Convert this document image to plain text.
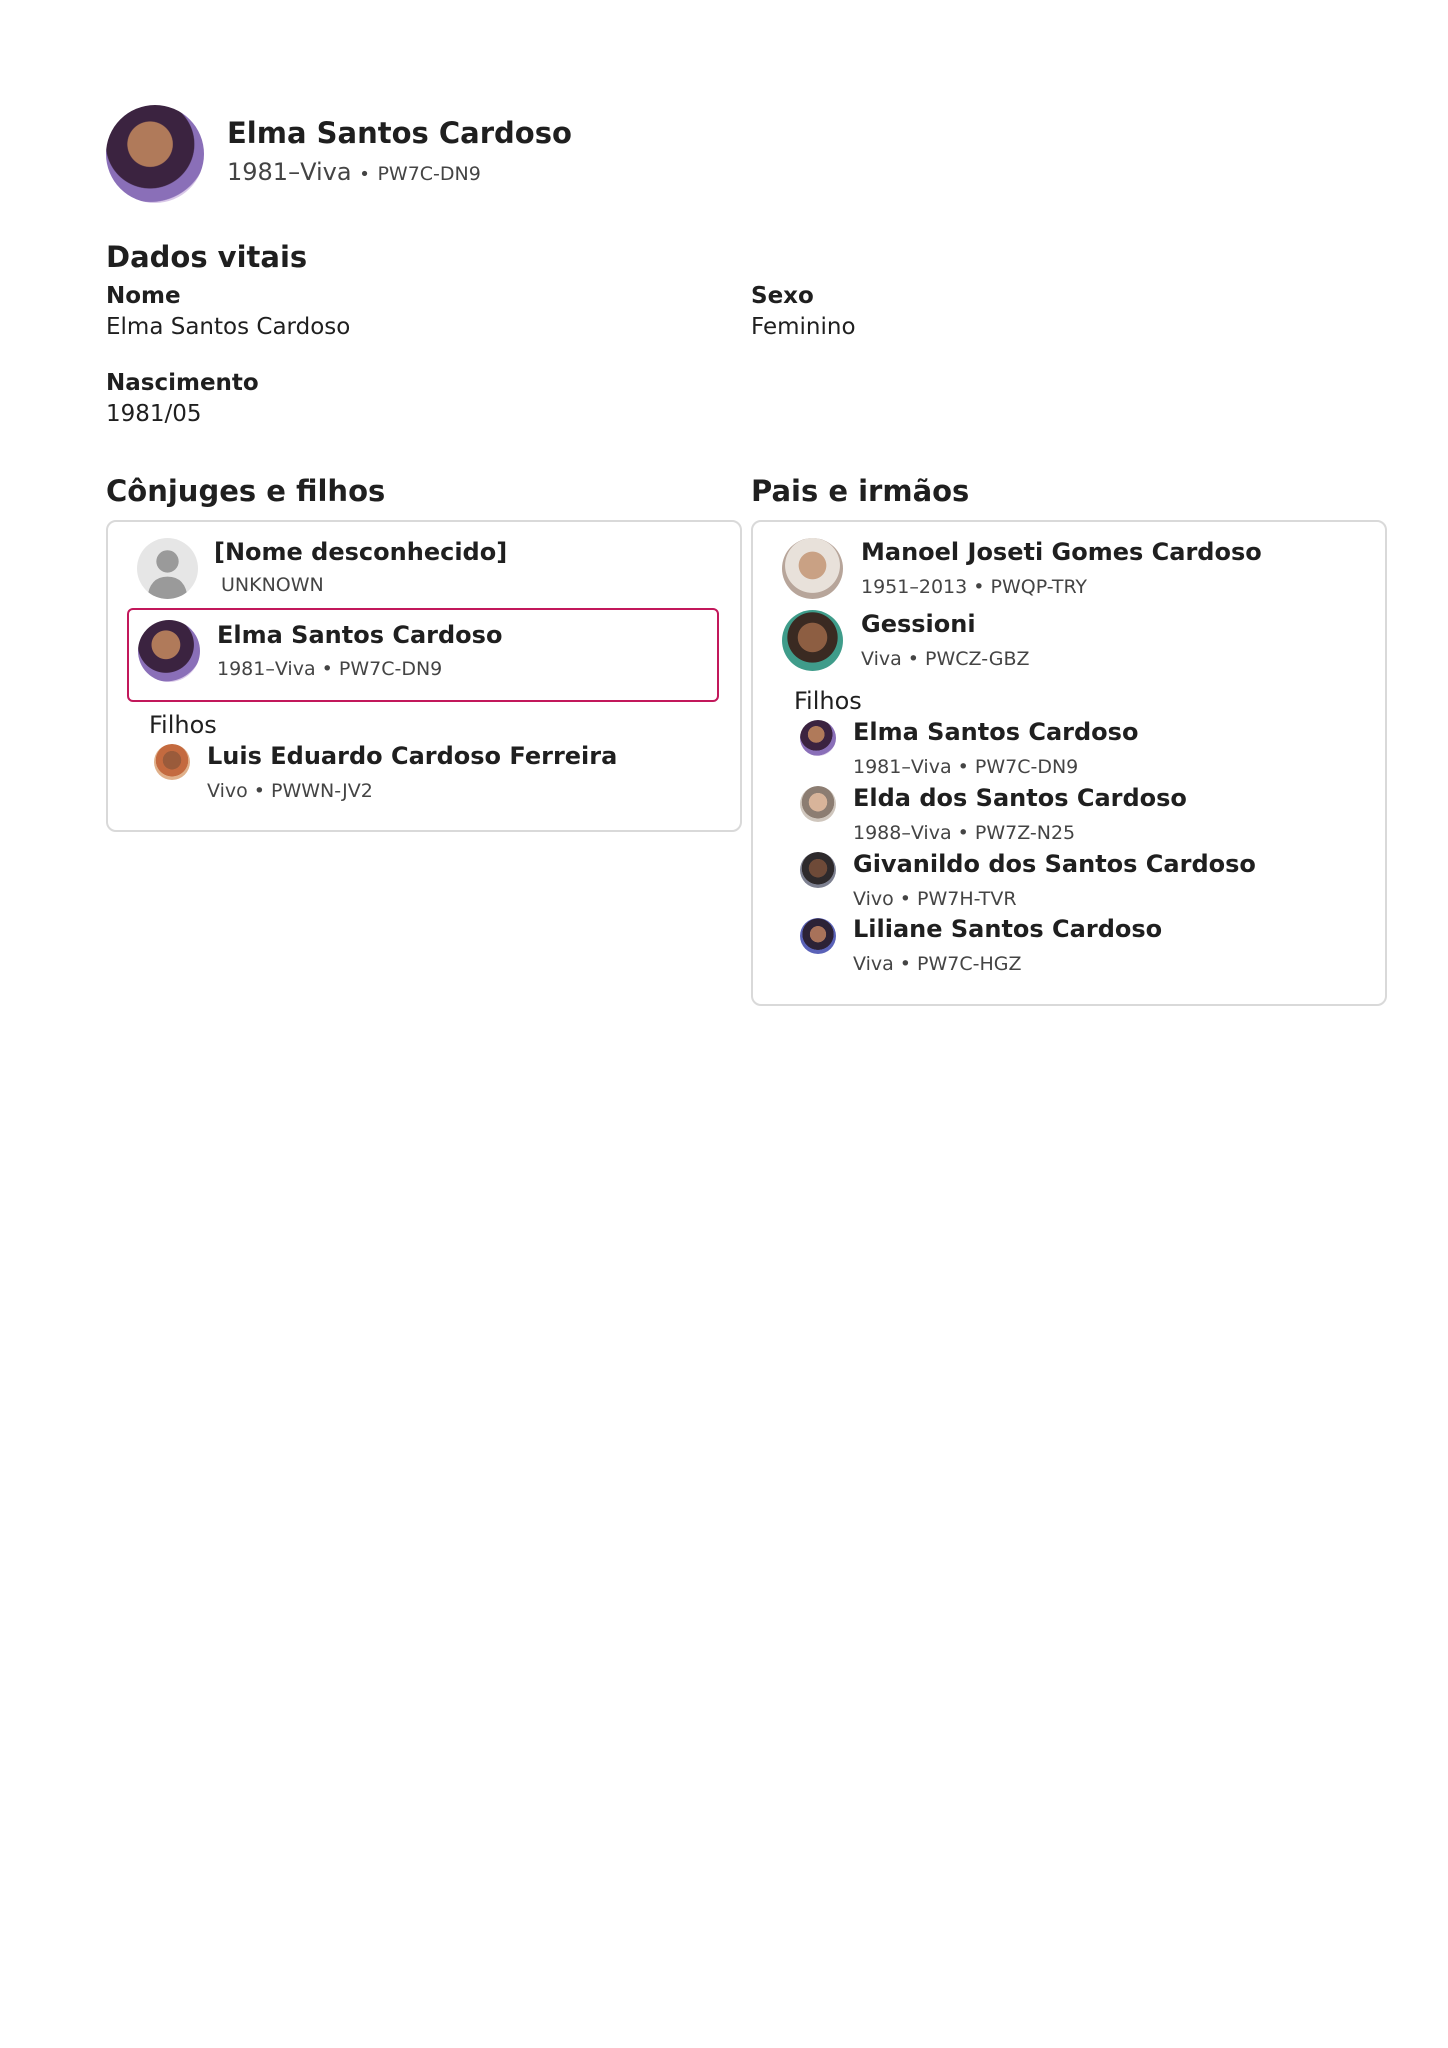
Elma Santos Cardoso
1981–Viva • PW7C-DN9
Dados vitais
Nome
Elma Santos Cardoso
Sexo
Feminino
Nascimento
1981/05
Cônjuges e filhos
[Nome desconhecido]
UNKNOWN
Elma Santos Cardoso
1981–Viva • PW7C-DN9
Filhos
Luis Eduardo Cardoso Ferreira
Vivo • PWWN-JV2
Pais e irmãos
Manoel Joseti Gomes Cardoso
1951–2013 • PWQP-TRY
Gessioni
Viva • PWCZ-GBZ
Filhos
Elma Santos Cardoso
1981–Viva • PW7C-DN9
Elda dos Santos Cardoso
1988–Viva • PW7Z-N25
Givanildo dos Santos Cardoso
Vivo • PW7H-TVR
Liliane Santos Cardoso
Viva • PW7C-HGZ
